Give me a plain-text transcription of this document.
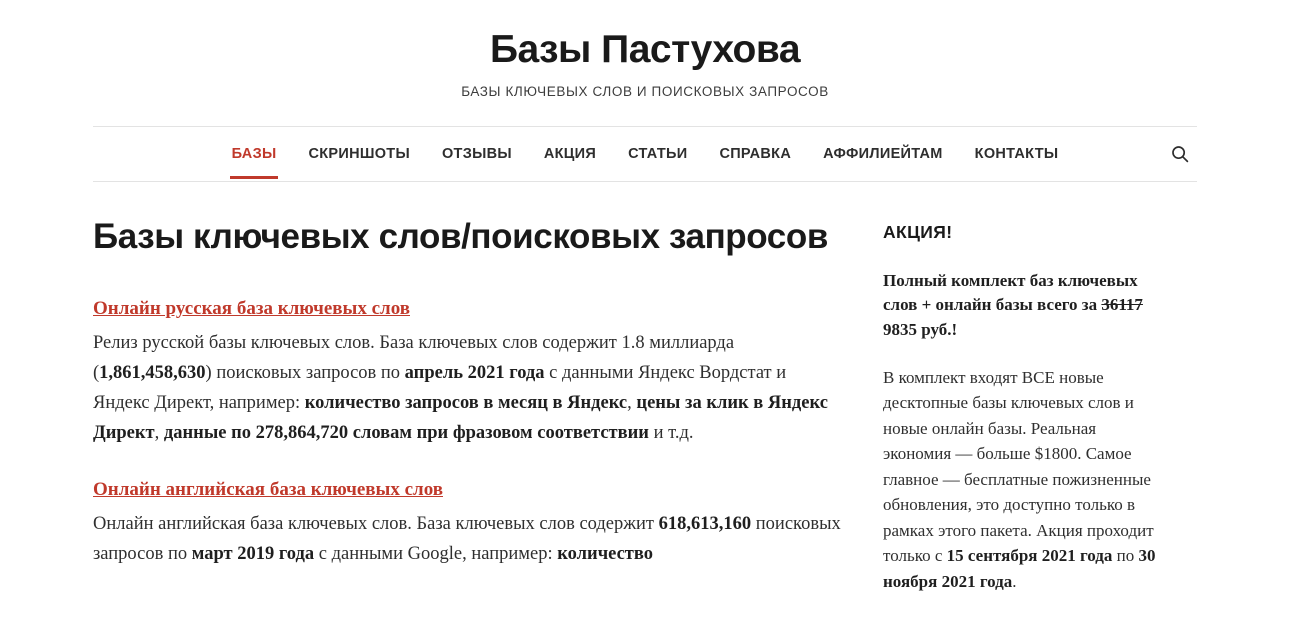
Базы Пастухова
БАЗЫ КЛЮЧЕВЫХ СЛОВ И ПОИСКОВЫХ ЗАПРОСОВ
БАЗЫ	СКРИНШОТЫ	ОТЗЫВЫ	АКЦИЯ	СТАТЬИ	СПРАВКА	АФФИЛИЕЙТАМ	КОНТАКТЫ
Базы ключевых слов/поисковых запросов
Онлайн русская база ключевых слов

Релиз русской базы ключевых слов. База ключевых слов содержит 1.8 миллиарда (1,861,458,630) поисковых запросов по апрель 2021 года с данными Яндекс Вордстат и Яндекс Директ, например: количество запросов в месяц в Яндекс, цены за клик в Яндекс Директ, данные по 278,864,720 словам при фразовом соответствии и т.д.

Онлайн английская база ключевых слов

Онлайн английская база ключевых слов. База ключевых слов содержит 618,613,160 поисковых запросов по март 2019 года с данными Google, например: количество

АКЦИЯ!

Полный комплект баз ключевых слов + онлайн базы всего за 36117 9835 руб.!

В комплект входят ВСЕ новые десктопные базы ключевых слов и новые онлайн базы. Реальная экономия — больше $1800. Самое главное — бесплатные пожизненные обновления, это доступно только в рамках этого пакета. Акция проходит только с 15 сентября 2021 года по 30 ноября 2021 года.
